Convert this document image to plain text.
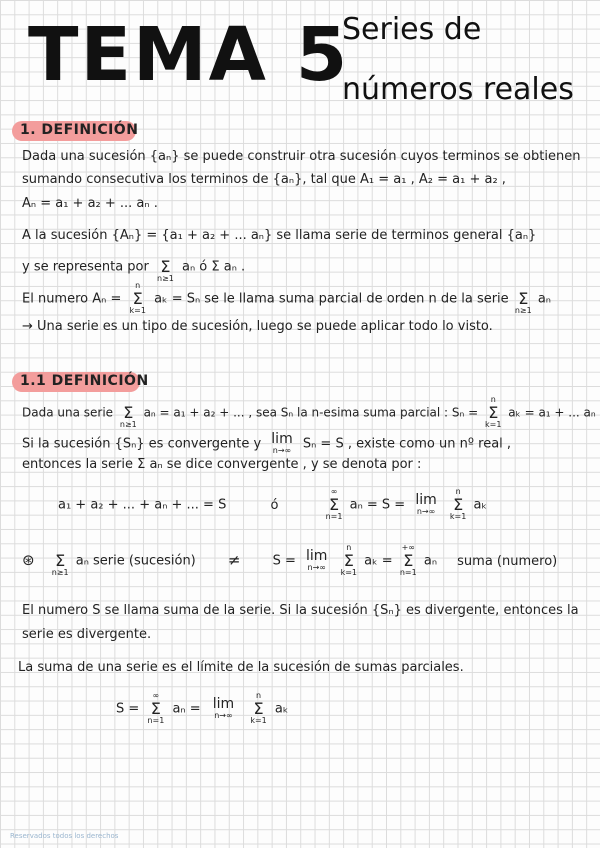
TEMA 5
Series de
números reales
1. DEFINICIÓN
Dada una sucesión {aₙ} se puede construir otra sucesión cuyos terminos se obtienen
sumando consecutiva los terminos de {aₙ}, tal que A₁ = a₁ , A₂ = a₁ + a₂ ,
Aₙ = a₁ + a₂ + ... aₙ .
A la sucesión {Aₙ} = {a₁ + a₂ + ... aₙ} se llama serie de terminos general {aₙ}
y se representa por Σ
n≥1
aₙ ó Σ aₙ .
El numero Aₙ =
n
Σ
k=1
aₖ = Sₙ se le llama suma parcial de orden n de la serie Σ
n≥1
aₙ
→ Una serie es un tipo de sucesión, luego se puede aplicar todo lo visto.
1.1 DEFINICIÓN
Dada una serie Σ
n≥1
aₙ = a₁ + a₂ + ... , sea Sₙ la n-esima suma parcial : Sₙ =
n
Σ
k=1
aₖ = a₁ + ... aₙ
Si la sucesión {Sₙ} es convergente y lim
n→∞ Sₙ = S , existe como un nº real ,
entonces la serie Σ aₙ se dice convergente , y se denota por :
a₁ + a₂ + ... + aₙ + ... = S	ó
∞
Σ
n=1
aₙ = S = lim
n→∞

n
Σ
k=1
aₖ
⊛ Σ
n≥1
aₙ serie (sucesión) ≠ S = lim
n→∞

n
Σ
k=1
aₖ =
+∞
Σ
n=1
aₙ suma (numero)
El numero S se llama suma de la serie. Si la sucesión {Sₙ} es divergente, entonces la
serie es divergente.
La suma de una serie es el límite de la sucesión de sumas parciales.
S =
∞
Σ
n=1
aₙ = lim
n→∞

n
Σ
k=1
aₖ
Reservados todos los derechos
